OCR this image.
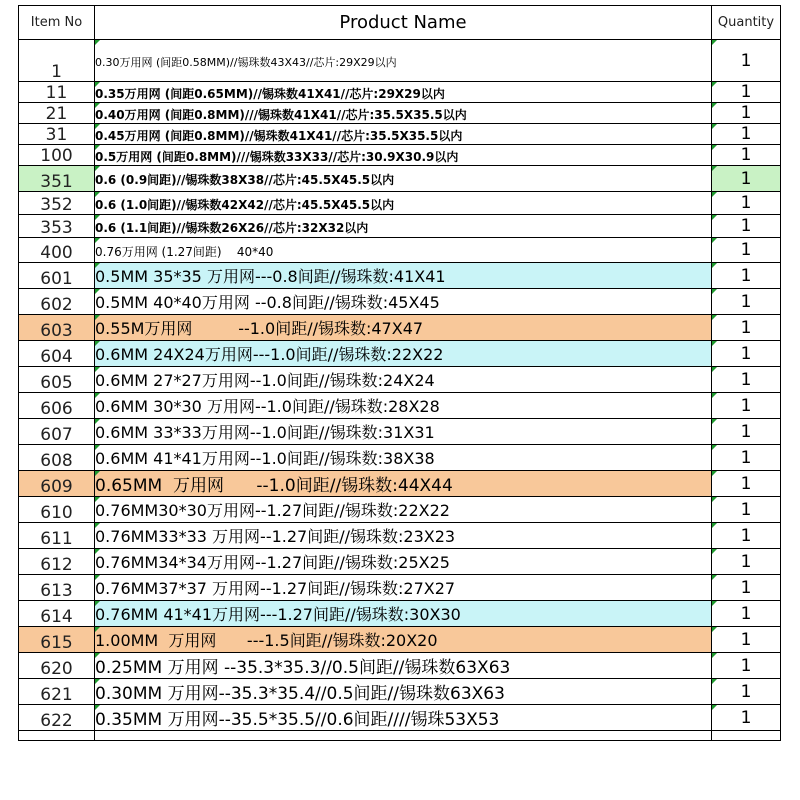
Item No	Product Name	Quantity
1	0.30万用网 (间距0.58MM)//锡珠数43X43//芯片:29X29以内	1
11	0.35万用网 (间距0.65MM)//锡珠数41X41//芯片:29X29以内	1
21	0.40万用网 (间距0.8MM)///锡珠数41X41//芯片:35.5X35.5以内	1
31	0.45万用网 (间距0.8MM)//锡珠数41X41//芯片:35.5X35.5以内	1
100	0.5万用网 (间距0.8MM)///锡珠数33X33//芯片:30.9X30.9以内	1
351	0.6 (0.9间距)//锡珠数38X38//芯片:45.5X45.5以内	1
352	0.6 (1.0间距)//锡珠数42X42//芯片:45.5X45.5以内	1
353	0.6 (1.1间距)//锡珠数26X26//芯片:32X32以内	1
400	0.76万用网 (1.27间距)    40*40	1
601	0.5MM 35*35 万用网---0.8间距//锡珠数:41X41	1
602	0.5MM 40*40万用网 --0.8间距//锡珠数:45X45	1
603	0.55M万用网         --1.0间距//锡珠数:47X47	1
604	0.6MM 24X24万用网---1.0间距//锡珠数:22X22	1
605	0.6MM 27*27万用网--1.0间距//锡珠数:24X24	1
606	0.6MM 30*30 万用网--1.0间距//锡珠数:28X28	1
607	0.6MM 33*33万用网--1.0间距//锡珠数:31X31	1
608	0.6MM 41*41万用网--1.0间距//锡珠数:38X38	1
609	0.65MM  万用网      --1.0间距//锡珠数:44X44	1
610	0.76MM30*30万用网--1.27间距//锡珠数:22X22	1
611	0.76MM33*33 万用网--1.27间距//锡珠数:23X23	1
612	0.76MM34*34万用网--1.27间距//锡珠数:25X25	1
613	0.76MM37*37 万用网--1.27间距//锡珠数:27X27	1
614	0.76MM 41*41万用网---1.27间距//锡珠数:30X30	1
615	1.00MM  万用网      ---1.5间距//锡珠数:20X20	1
620	0.25MM 万用网 --35.3*35.3//0.5间距//锡珠数63X63	1
621	0.30MM 万用网--35.3*35.4//0.5间距//锡珠数63X63	1
622	0.35MM 万用网--35.5*35.5//0.6间距////锡珠53X53	1
